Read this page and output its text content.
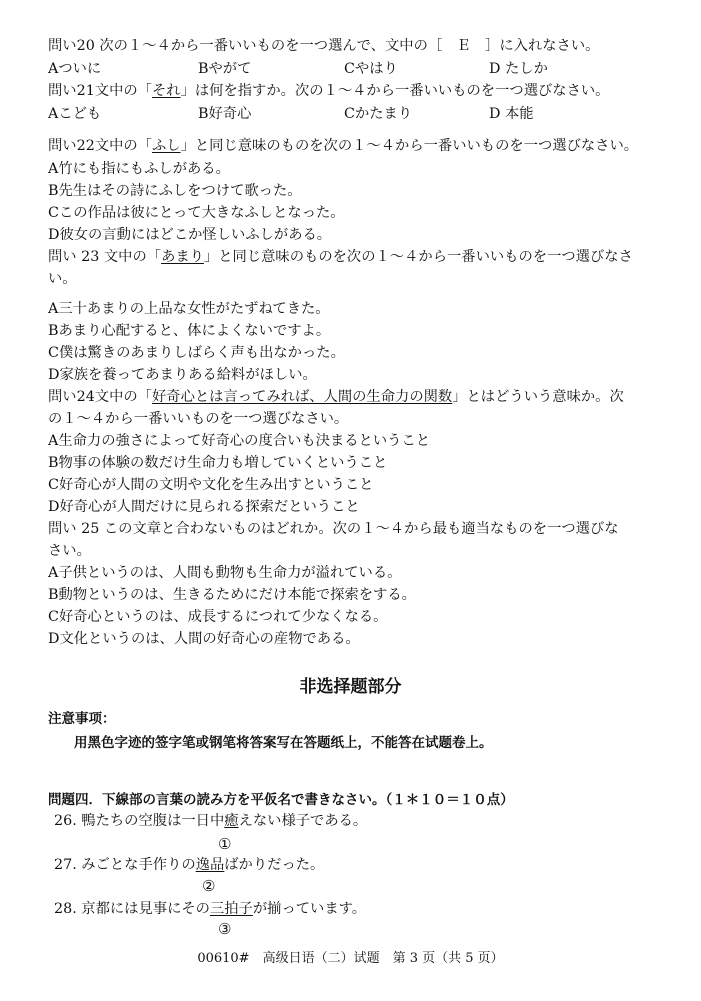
問い20 次の１～４から一番いいものを一つ選んで、文中の［　Ｅ　］に入れなさい。
Aついに	Bやがて	Cやはり	D たしか
問い21文中の「それ」は何を指すか。次の１～４から一番いいものを一つ選びなさい。
Aこども	B好奇心	Cかたまり	D 本能
問い22文中の「ふし」と同じ意味のものを次の１～４から一番いいものを一つ選びなさい。
A竹にも指にもふしがある。
B先生はその詩にふしをつけて歌った。
Cこの作品は彼にとって大きなふしとなった。
D彼女の言動にはどこか怪しいふしがある。
問い 23 文中の「あまり」と同じ意味のものを次の１～４から一番いいものを一つ選びなさ
い。
A三十あまりの上品な女性がたずねてきた。
Bあまり心配すると、体によくないですよ。
C僕は驚きのあまりしばらく声も出なかった。
D家族を養ってあまりある給料がほしい。
問い24文中の「好奇心とは言ってみれば、人間の生命力の関数」とはどういう意味か。次
の１～４から一番いいものを一つ選びなさい。
A生命力の強さによって好奇心の度合いも決まるということ
B物事の体験の数だけ生命力も増していくということ
C好奇心が人間の文明や文化を生み出すということ
D好奇心が人間だけに見られる探索だということ
問い 25 この文章と合わないものはどれか。次の１～４から最も適当なものを一つ選びな
さい。
A子供というのは、人間も動物も生命力が溢れている。
B動物というのは、生きるためにだけ本能で探索をする。
C好奇心というのは、成長するにつれて少なくなる。
D文化というのは、人間の好奇心の産物である。
非选择题部分
注意事项：
用黑色字迹的签字笔或钢笔将答案写在答题纸上，不能答在试题卷上。
問題四．下線部の言葉の読み方を平仮名で書きなさい。（１＊１０＝１０点）
26. 鴨たちの空腹は一日中癒えない様子である。
①
27. みごとな手作りの逸品ばかりだった。
②
28. 京都には見事にその三拍子が揃っています。
③
00610#　高级日语（二）试题　第 3 页（共 5 页）
